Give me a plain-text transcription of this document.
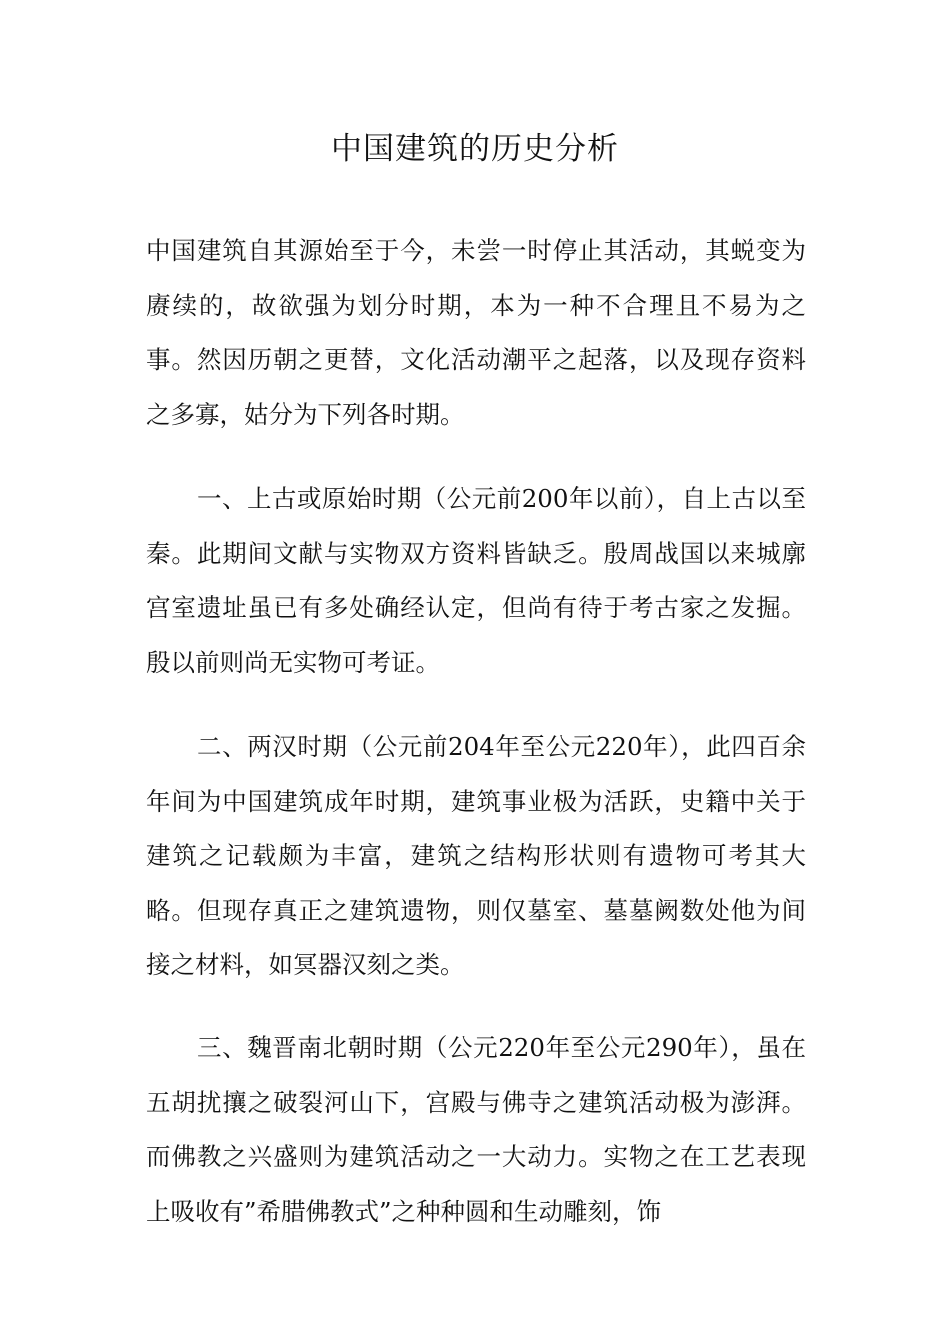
中国建筑的历史分析

中国建筑自其源始至于今，未尝一时停止其活动，其蜕变为赓续的，故欲强为划分时期，本为一种不合理且不易为之事。然因历朝之更替，文化活动潮平之起落，以及现存资料之多寡，姑分为下列各时期。

一、上古或原始时期（公元前200年以前），自上古以至秦。此期间文献与实物双方资料皆缺乏。殷周战国以来城廓宫室遗址虽已有多处确经认定，但尚有待于考古家之发掘。殷以前则尚无实物可考证。

二、两汉时期（公元前204年至公元220年），此四百余年间为中国建筑成年时期，建筑事业极为活跃，史籍中关于建筑之记载颇为丰富，建筑之结构形状则有遗物可考其大略。但现存真正之建筑遗物，则仅墓室、墓墓阙数处他为间接之材料，如冥器汉刻之类。

三、魏晋南北朝时期（公元220年至公元290年），虽在五胡扰攘之破裂河山下，宫殿与佛寺之建筑活动极为澎湃。而佛教之兴盛则为建筑活动之一大动力。实物之在工艺表现上吸收有”希腊佛教式”之种种圆和生动雕刻，饰
